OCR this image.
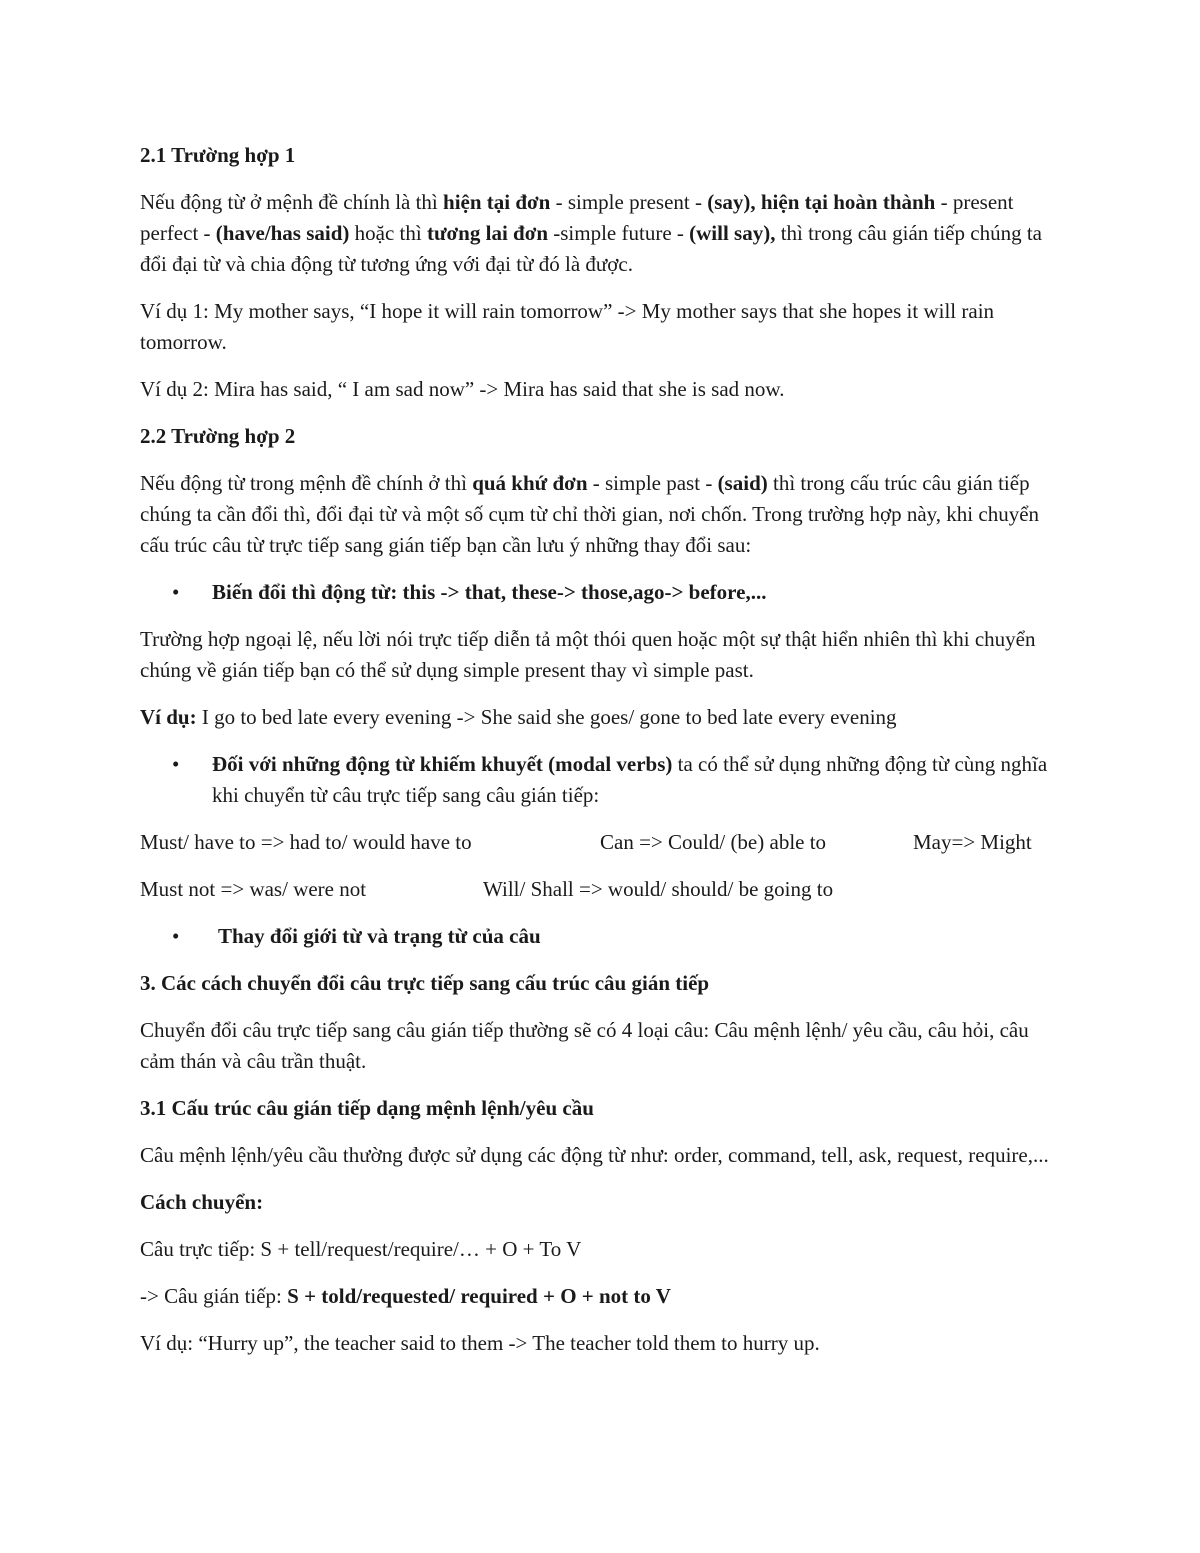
2.1 Trường hợp 1

Nếu động từ ở mệnh đề chính là thì hiện tại đơn - simple present - (say), hiện tại hoàn thành - present perfect - (have/has said) hoặc thì tương lai đơn -simple future - (will say), thì trong câu gián tiếp chúng ta đổi đại từ và chia động từ tương ứng với đại từ đó là được.

Ví dụ 1: My mother says, “I hope it will rain tomorrow” -> My mother says that she hopes it will rain tomorrow.

Ví dụ 2: Mira has said, “ I am sad now” -> Mira has said that she is sad now.

2.2 Trường hợp 2

Nếu động từ trong mệnh đề chính ở thì quá khứ đơn - simple past - (said) thì trong cấu trúc câu gián tiếp chúng ta cần đổi thì, đổi đại từ và một số cụm từ chỉ thời gian, nơi chốn. Trong trường hợp này, khi chuyển cấu trúc câu từ trực tiếp sang gián tiếp bạn cần lưu ý những thay đổi sau:

• Biến đổi thì động từ: this -> that, these-> those,ago-> before,...

Trường hợp ngoại lệ, nếu lời nói trực tiếp diễn tả một thói quen hoặc một sự thật hiển nhiên thì khi chuyển chúng về gián tiếp bạn có thể sử dụng simple present thay vì simple past.

Ví dụ: I go to bed late every evening -> She said she goes/ gone to bed late every evening

• Đối với những động từ khiếm khuyết (modal verbs) ta có thể sử dụng những động từ cùng nghĩa khi chuyển từ câu trực tiếp sang câu gián tiếp:
Must/ have to => had to/ would have to	Can => Could/ (be) able to	May=> Might
Must not => was/ were not	Will/ Shall => would/ should/ be going to
• Thay đổi giới từ và trạng từ của câu

3. Các cách chuyển đổi câu trực tiếp sang cấu trúc câu gián tiếp

Chuyển đổi câu trực tiếp sang câu gián tiếp thường sẽ có 4 loại câu: Câu mệnh lệnh/ yêu cầu, câu hỏi, câu cảm thán và câu trần thuật.

3.1 Cấu trúc câu gián tiếp dạng mệnh lệnh/yêu cầu

Câu mệnh lệnh/yêu cầu thường được sử dụng các động từ như: order, command, tell, ask, request, require,...

Cách chuyển:

Câu trực tiếp: S + tell/request/require/… + O + To V

-> Câu gián tiếp: S + told/requested/ required + O + not to V

Ví dụ: “Hurry up”, the teacher said to them -> The teacher told them to hurry up.
